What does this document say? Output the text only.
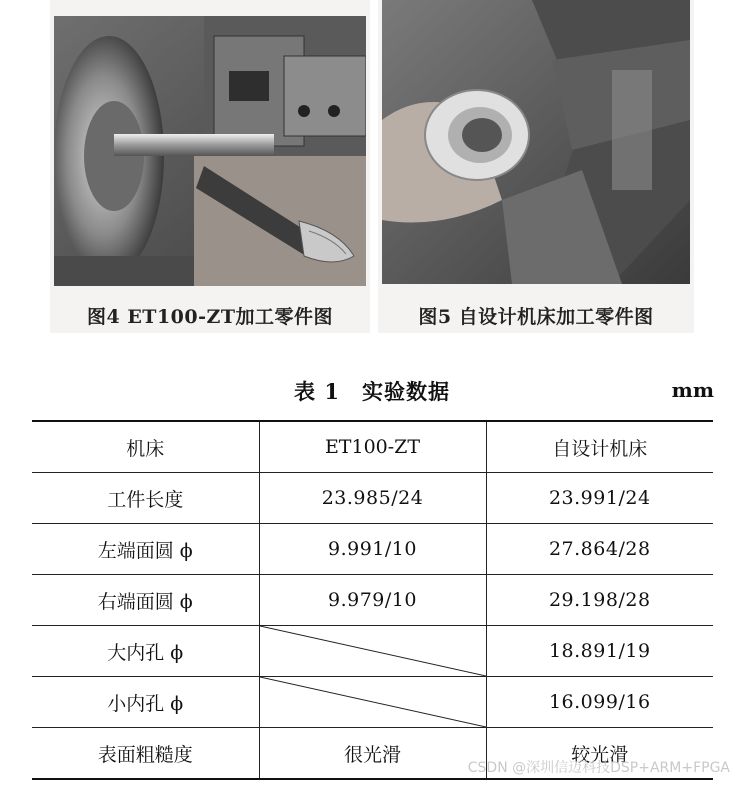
图4 ET100-ZT加工零件图	图5 自设计机床加工零件图
表 1 实验数据	mm
机床	ET100-ZT	自设计机床
工件长度	23.985/24	23.991/24
左端面圆 ϕ	9.991/10	27.864/28
右端面圆 ϕ	9.979/10	29.198/28
大内孔 ϕ		18.891/19
小内孔 ϕ		16.099/16
表面粗糙度	很光滑	较光滑
CSDN @深圳信迈科技DSP+ARM+FPGA
